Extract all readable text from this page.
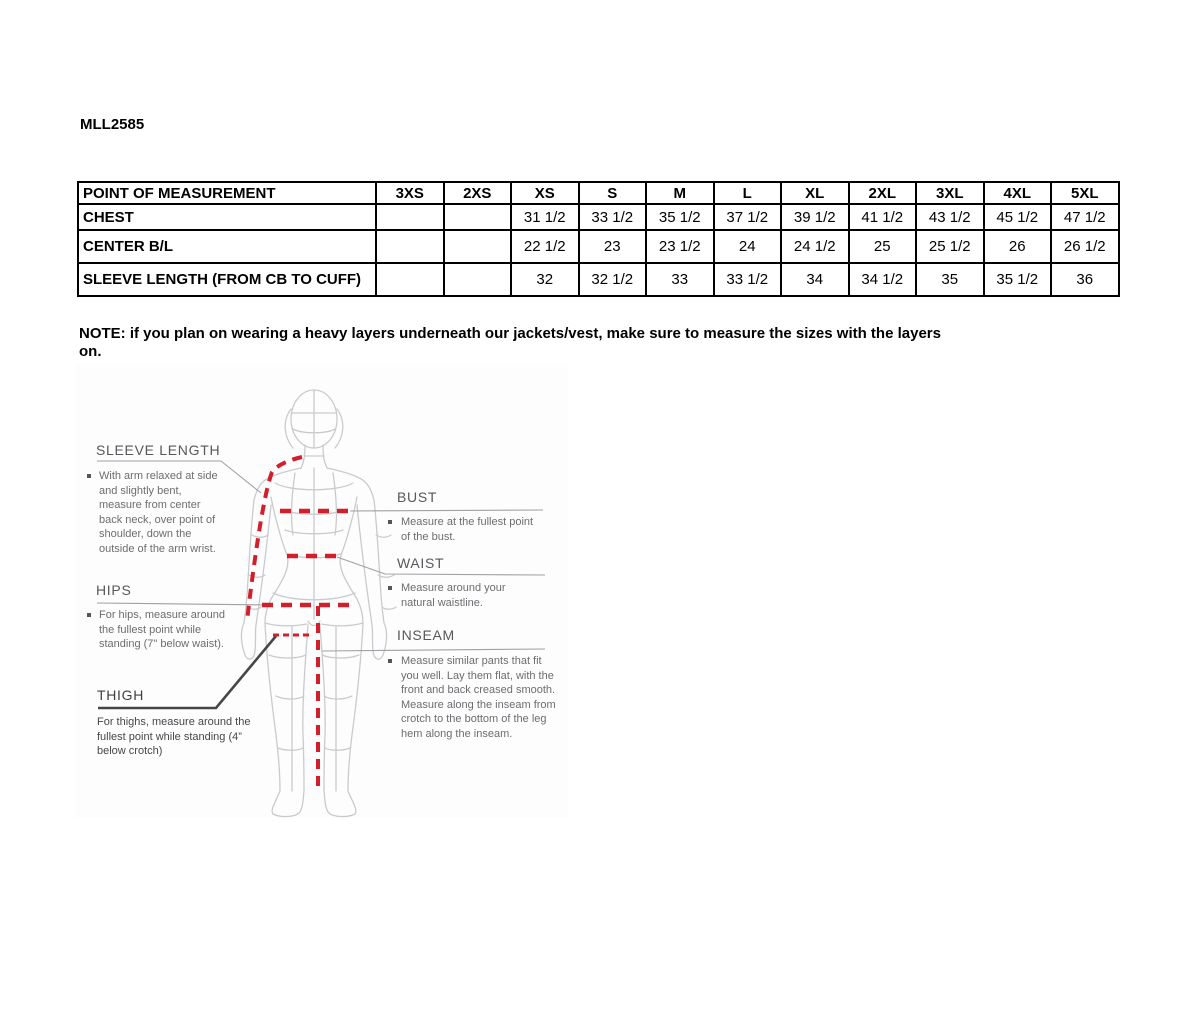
MLL2585
POINT OF MEASUREMENT	3XS	2XS	XS	S	M	L	XL	2XL	3XL	4XL	5XL
CHEST			31 1/2	33 1/2	35 1/2	37 1/2	39 1/2	41 1/2	43 1/2	45 1/2	47 1/2
CENTER B/L			22 1/2	23	23 1/2	24	24 1/2	25	25 1/2	26	26 1/2
SLEEVE LENGTH (FROM CB TO CUFF)			32	32 1/2	33	33 1/2	34	34 1/2	35	35 1/2	36
NOTE: if you plan on wearing a heavy layers underneath our jackets/vest, make sure to measure the sizes with the layers on.
SLEEVE LENGTH
With arm relaxed at side and slightly bent, measure from center back neck, over point of shoulder, down the outside of the arm wrist.
HIPS
For hips, measure around the fullest point while standing (7" below waist).
THIGH
For thighs, measure around the fullest point while standing (4” below crotch)
BUST
Measure at the fullest point of the bust.
WAIST
Measure around your natural waistline.
INSEAM
Measure similar pants that fit you well. Lay them flat, with the front and back creased smooth. Measure along the inseam from crotch to the bottom of the leg hem along the inseam.
